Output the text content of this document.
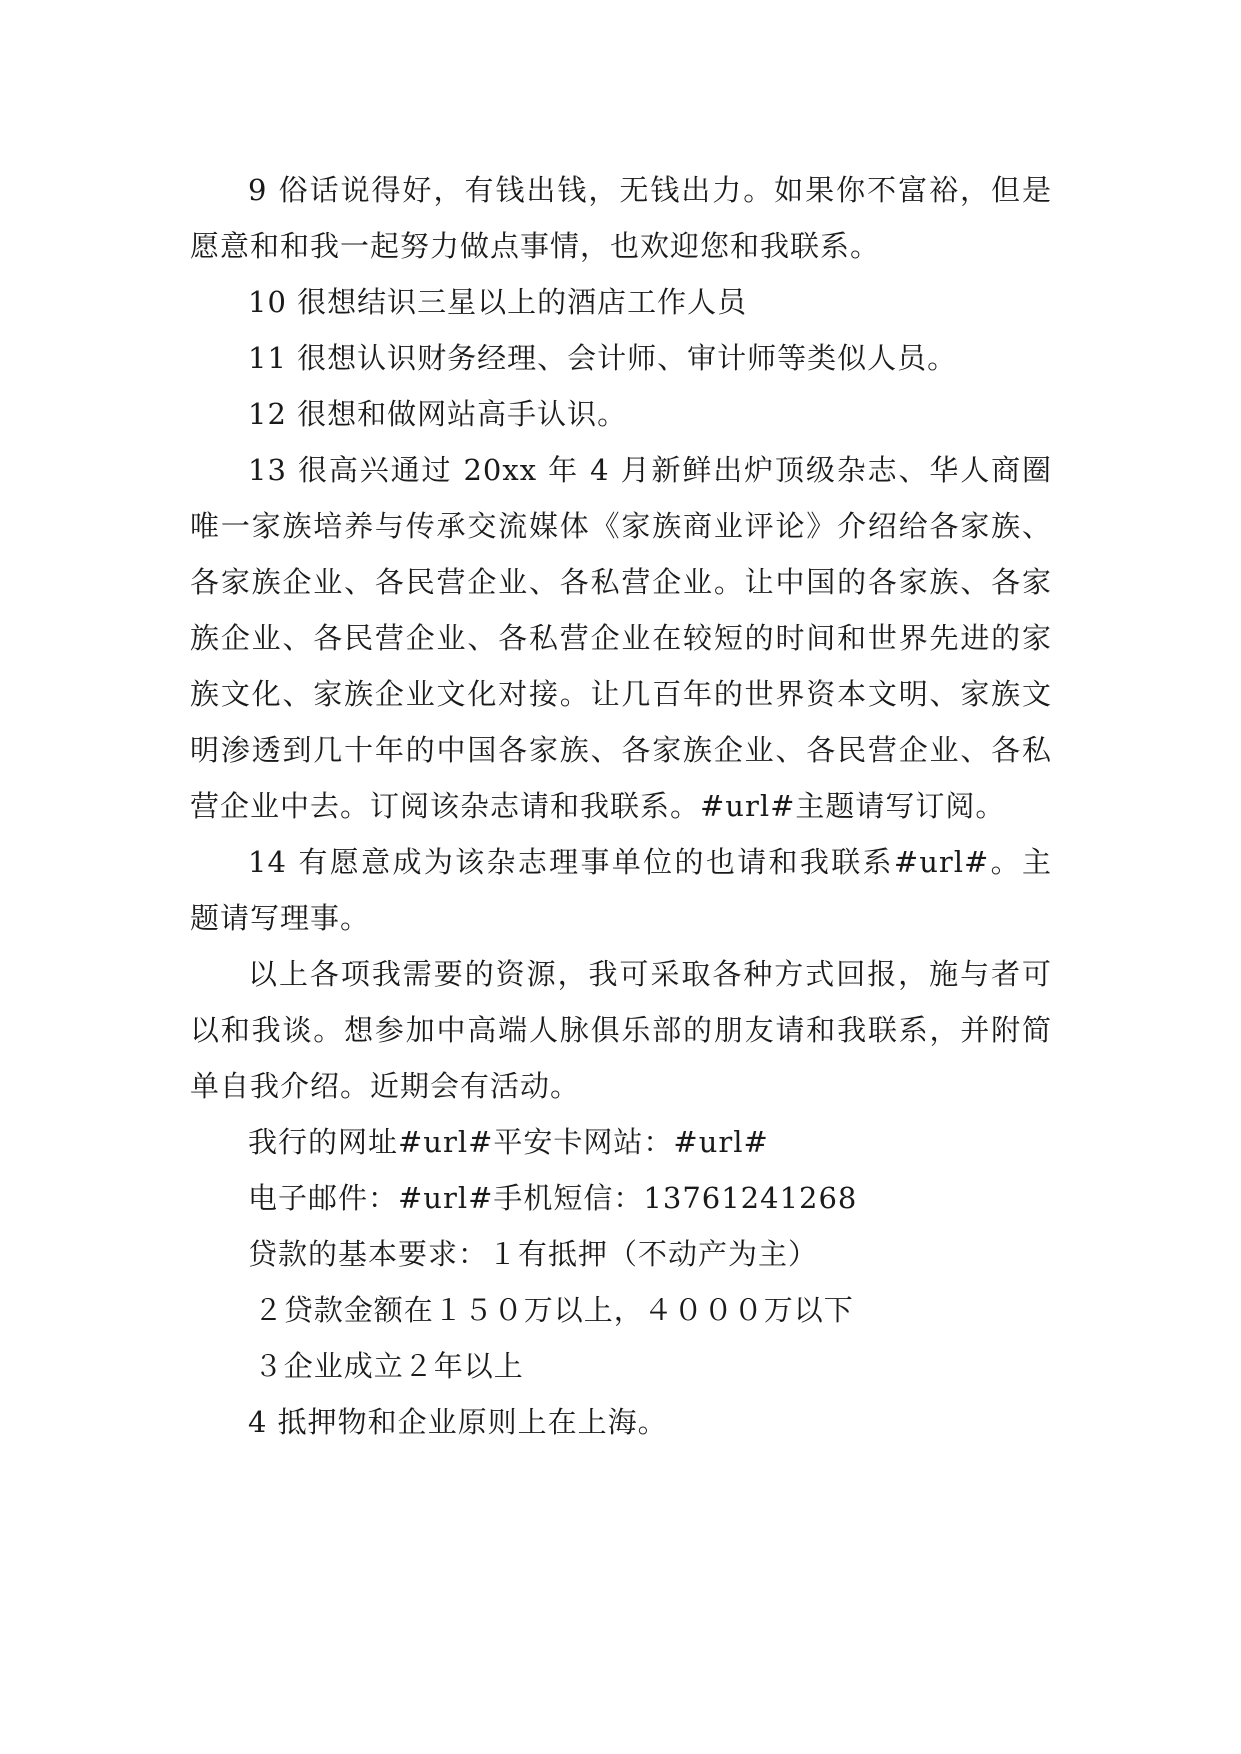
9 俗话说得好，有钱出钱，无钱出力。如果你不富裕，但是愿意和和我一起努力做点事情，也欢迎您和我联系。

10 很想结识三星以上的酒店工作人员

11 很想认识财务经理、会计师、审计师等类似人员。

12 很想和做网站高手认识。

13 很高兴通过 20xx 年 4 月新鲜出炉顶级杂志、华人商圈唯一家族培养与传承交流媒体《家族商业评论》介绍给各家族、各家族企业、各民营企业、各私营企业。让中国的各家族、各家族企业、各民营企业、各私营企业在较短的时间和世界先进的家族文化、家族企业文化对接。让几百年的世界资本文明、家族文明渗透到几十年的中国各家族、各家族企业、各民营企业、各私营企业中去。订阅该杂志请和我联系。#url#主题请写订阅。

14 有愿意成为该杂志理事单位的也请和我联系#url#。主题请写理事。

以上各项我需要的资源，我可采取各种方式回报，施与者可以和我谈。想参加中高端人脉俱乐部的朋友请和我联系，并附简单自我介绍。近期会有活动。

我行的网址#url#平安卡网站：#url#

电子邮件：#url#手机短信：13761241268

贷款的基本要求：１有抵押（不动产为主）

２贷款金额在１５０万以上，４０００万以下

３企业成立２年以上

4 抵押物和企业原则上在上海。
